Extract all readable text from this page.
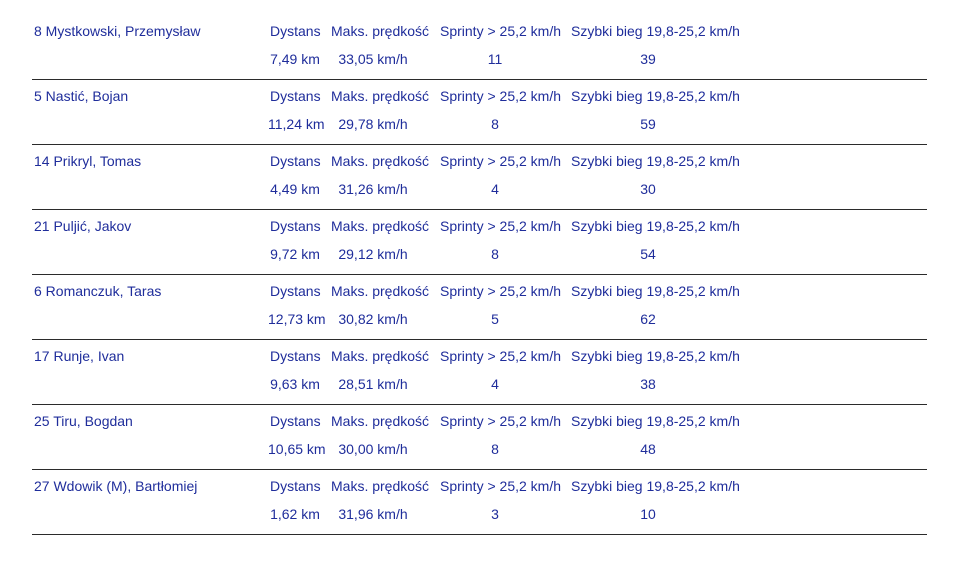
8 Mystkowski, Przemysław	Dystans Maks. prędkość Sprinty > 25,2 km/h Szybki bieg 19,8-25,2 km/h
7,49 km	33,05 km/h	11	39
5 Nastić, Bojan	Dystans Maks. prędkość Sprinty > 25,2 km/h Szybki bieg 19,8-25,2 km/h
11,24 km 29,78 km/h	8	59
14 Prikryl, Tomas	Dystans Maks. prędkość Sprinty > 25,2 km/h Szybki bieg 19,8-25,2 km/h
4,49 km	31,26 km/h	4	30
21 Puljić, Jakov	Dystans Maks. prędkość Sprinty > 25,2 km/h Szybki bieg 19,8-25,2 km/h
9,72 km	29,12 km/h	8	54
6 Romanczuk, Taras	Dystans Maks. prędkość Sprinty > 25,2 km/h Szybki bieg 19,8-25,2 km/h
12,73 km 30,82 km/h	5	62
17 Runje, Ivan	Dystans Maks. prędkość Sprinty > 25,2 km/h Szybki bieg 19,8-25,2 km/h
9,63 km	28,51 km/h	4	38
25 Tiru, Bogdan	Dystans Maks. prędkość Sprinty > 25,2 km/h Szybki bieg 19,8-25,2 km/h
10,65 km 30,00 km/h	8	48
27 Wdowik (M), Bartłomiej	Dystans Maks. prędkość Sprinty > 25,2 km/h Szybki bieg 19,8-25,2 km/h
1,62 km	31,96 km/h	3	10
